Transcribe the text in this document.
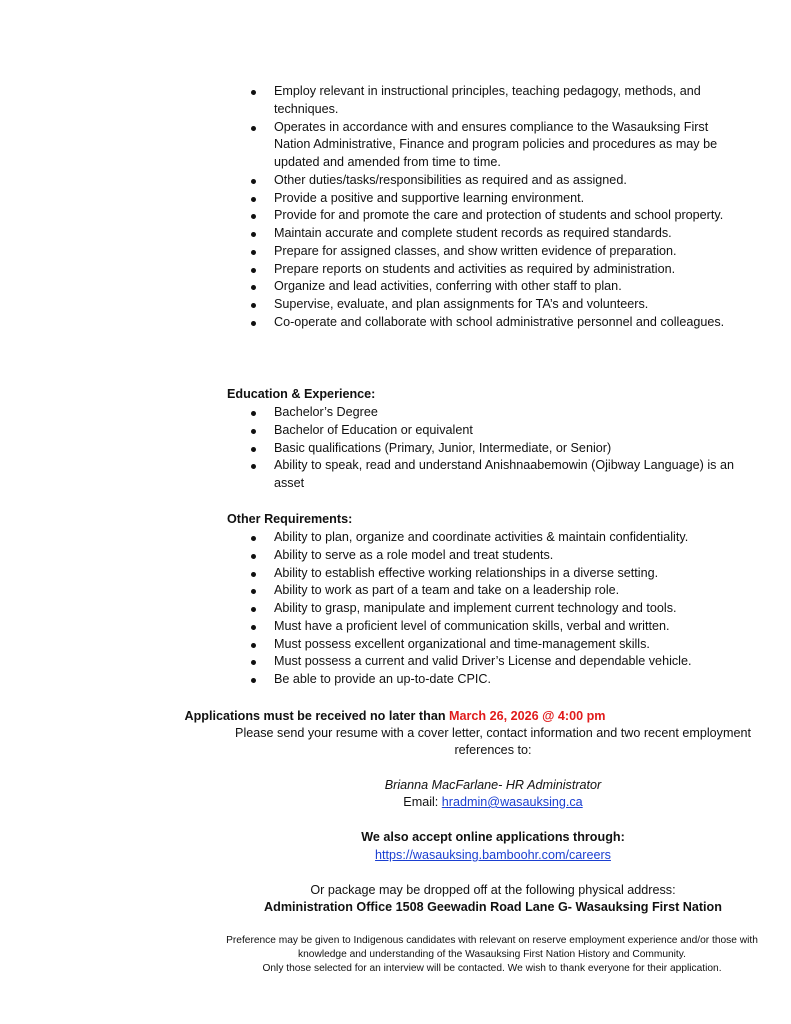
Employ relevant in instructional principles, teaching pedagogy, methods, and techniques.
Operates in accordance with and ensures compliance to the Wasauksing First Nation Administrative, Finance and program policies and procedures as may be updated and amended from time to time.
Other duties/tasks/responsibilities as required and as assigned.
Provide a positive and supportive learning environment.
Provide for and promote the care and protection of students and school property.
Maintain accurate and complete student records as required standards.
Prepare for assigned classes, and show written evidence of preparation.
Prepare reports on students and activities as required by administration.
Organize and lead activities, conferring with other staff to plan.
Supervise, evaluate, and plan assignments for TA’s and volunteers.
Co-operate and collaborate with school administrative personnel and colleagues.
Education & Experience:
Bachelor’s Degree
Bachelor of Education or equivalent
Basic qualifications (Primary, Junior, Intermediate, or Senior)
Ability to speak, read and understand Anishnaabemowin (Ojibway Language) is an asset
Other Requirements:
Ability to plan, organize and coordinate activities & maintain confidentiality.
Ability to serve as a role model and treat students.
Ability to establish effective working relationships in a diverse setting.
Ability to work as part of a team and take on a leadership role.
Ability to grasp, manipulate and implement current technology and tools.
Must have a proficient level of communication skills, verbal and written.
Must possess excellent organizational and time-management skills.
Must possess a current and valid Driver’s License and dependable vehicle.
Be able to provide an up-to-date CPIC.
Applications must be received no later than March 26, 2026 @ 4:00 pm
Please send your resume with a cover letter, contact information and two recent employment references to:
Brianna MacFarlane- HR Administrator
Email: hradmin@wasauksing.ca
We also accept online applications through:
https://wasauksing.bamboohr.com/careers
Or package may be dropped off at the following physical address:
Administration Office 1508 Geewadin Road Lane G- Wasauksing First Nation
Preference may be given to Indigenous candidates with relevant on reserve employment experience and/or those with knowledge and understanding of the Wasauksing First Nation History and Community.
Only those selected for an interview will be contacted. We wish to thank everyone for their application.
